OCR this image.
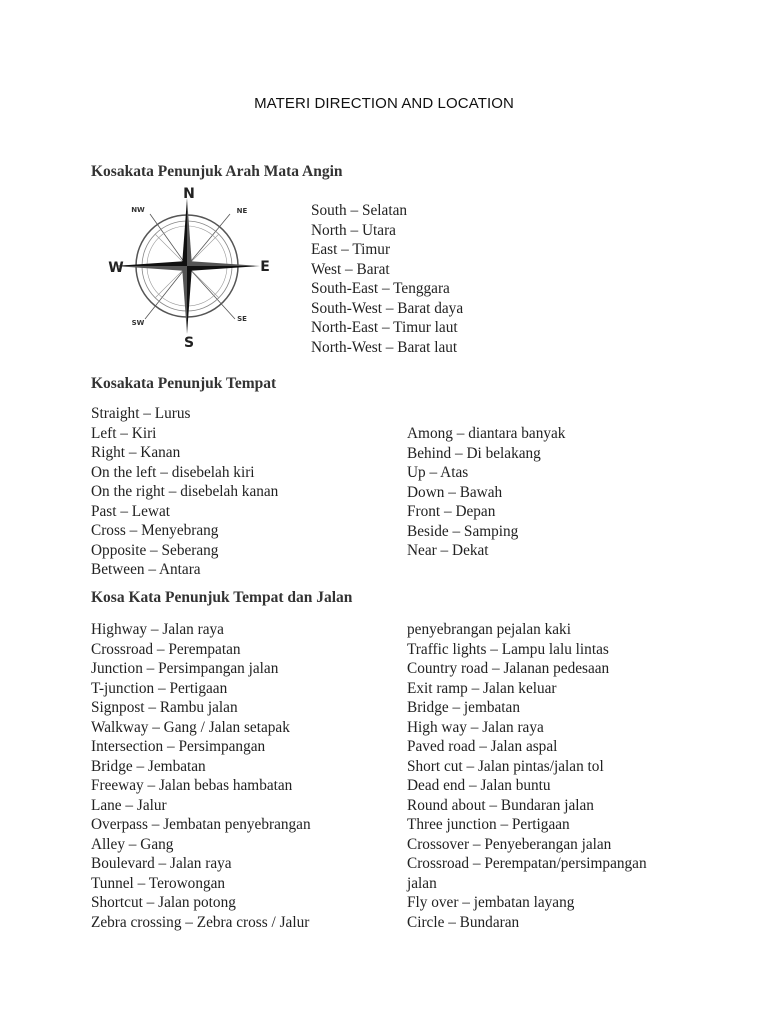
MATERI DIRECTION AND LOCATION
Kosakata Penunjuk Arah Mata Angin
N
S
W	E
NW	NE
SW	SE
South – Selatan
North – Utara
East – Timur
West – Barat
South-East – Tenggara
South-West – Barat daya
North-East – Timur laut
North-West – Barat laut
Kosakata Penunjuk Tempat
Straight – Lurus
Left – Kiri
Right – Kanan
On the left – disebelah kiri
On the right – disebelah kanan
Past – Lewat
Cross – Menyebrang
Opposite – Seberang
Between – Antara
Among – diantara banyak
Behind – Di belakang
Up – Atas
Down – Bawah
Front – Depan
Beside – Samping
Near – Dekat
Kosa Kata Penunjuk Tempat dan Jalan
Highway – Jalan raya
Crossroad – Perempatan
Junction – Persimpangan jalan
T-junction – Pertigaan
Signpost – Rambu jalan
Walkway – Gang / Jalan setapak
Intersection – Persimpangan
Bridge – Jembatan
Freeway – Jalan bebas hambatan
Lane – Jalur
Overpass – Jembatan penyebrangan
Alley – Gang
Boulevard – Jalan raya
Tunnel – Terowongan
Shortcut – Jalan potong
Zebra crossing – Zebra cross / Jalur
penyebrangan pejalan kaki
Traffic lights – Lampu lalu lintas
Country road – Jalanan pedesaan
Exit ramp – Jalan keluar
Bridge – jembatan
High way – Jalan raya
Paved road – Jalan aspal
Short cut – Jalan pintas/jalan tol
Dead end – Jalan buntu
Round about – Bundaran jalan
Three junction – Pertigaan
Crossover – Penyeberangan jalan
Crossroad – Perempatan/persimpangan
jalan
Fly over – jembatan layang
Circle – Bundaran
